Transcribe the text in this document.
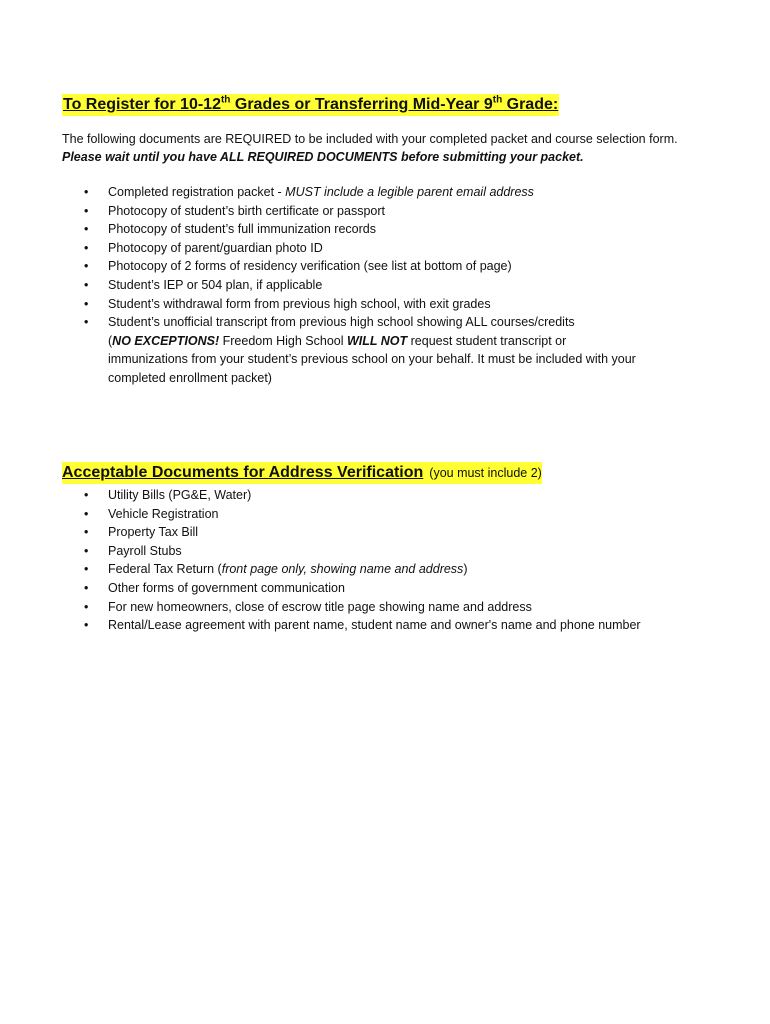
To Register for 10-12th Grades or Transferring Mid-Year 9th Grade:
The following documents are REQUIRED to be included with your completed packet and course selection form.
Please wait until you have ALL REQUIRED DOCUMENTS before submitting your packet.
• Completed registration packet - MUST include a legible parent email address
• Photocopy of student’s birth certificate or passport
• Photocopy of student’s full immunization records
• Photocopy of parent/guardian photo ID
• Photocopy of 2 forms of residency verification (see list at bottom of page)
• Student’s IEP or 504 plan, if applicable
• Student’s withdrawal form from previous high school, with exit grades
• Student’s unofficial transcript from previous high school showing ALL courses/credits
(NO EXCEPTIONS! Freedom High School WILL NOT request student transcript or immunizations from your student’s previous school on your behalf. It must be included with your completed enrollment packet)
Acceptable Documents for Address Verification (you must include 2)
• Utility Bills (PG&E, Water)
• Vehicle Registration
• Property Tax Bill
• Payroll Stubs
• Federal Tax Return (front page only, showing name and address)
• Other forms of government communication
• For new homeowners, close of escrow title page showing name and address
• Rental/Lease agreement with parent name, student name and owner's name and phone number
